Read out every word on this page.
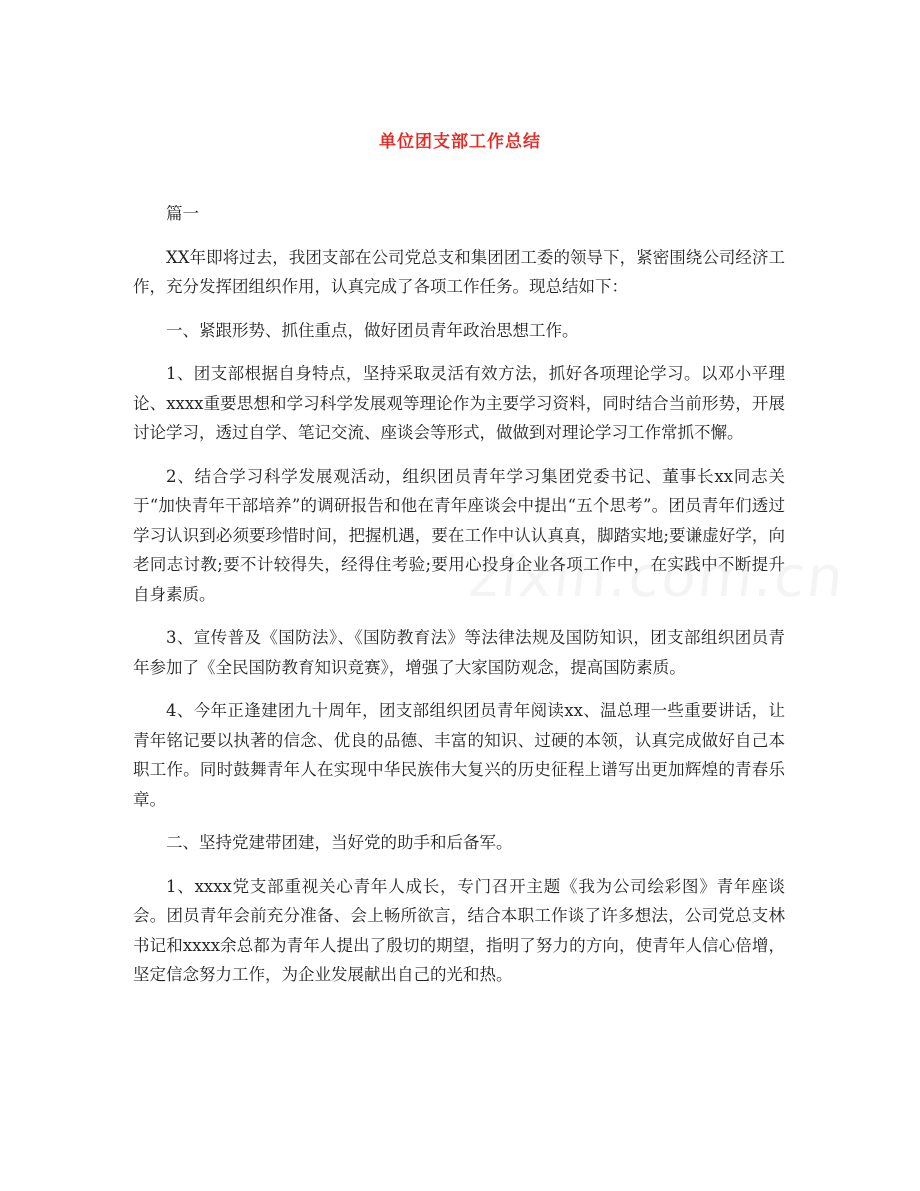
单位团支部工作总结

篇一

XX年即将过去，我团支部在公司党总支和集团团工委的领导下，紧密围绕公司经济工作，充分发挥团组织作用，认真完成了各项工作任务。现总结如下：

一、紧跟形势、抓住重点，做好团员青年政治思想工作。

1、团支部根据自身特点，坚持采取灵活有效方法，抓好各项理论学习。以邓小平理论、xxxx重要思想和学习科学发展观等理论作为主要学习资料，同时结合当前形势，开展讨论学习，透过自学、笔记交流、座谈会等形式，做做到对理论学习工作常抓不懈。

2、结合学习科学发展观活动，组织团员青年学习集团党委书记、董事长xx同志关于“加快青年干部培养”的调研报告和他在青年座谈会中提出“五个思考”。团员青年们透过学习认识到必须要珍惜时间，把握机遇，要在工作中认认真真，脚踏实地;要谦虚好学，向老同志讨教;要不计较得失，经得住考验;要用心投身企业各项工作中，在实践中不断提升自身素质。

3、宣传普及《国防法》、《国防教育法》等法律法规及国防知识，团支部组织团员青年参加了《全民国防教育知识竞赛》，增强了大家国防观念，提高国防素质。

4、今年正逢建团九十周年，团支部组织团员青年阅读xx、温总理一些重要讲话，让青年铭记要以执著的信念、优良的品德、丰富的知识、过硬的本领，认真完成做好自己本职工作。同时鼓舞青年人在实现中华民族伟大复兴的历史征程上谱写出更加辉煌的青春乐章。

二、坚持党建带团建，当好党的助手和后备军。

1、xxxx党支部重视关心青年人成长，专门召开主题《我为公司绘彩图》青年座谈会。团员青年会前充分准备、会上畅所欲言，结合本职工作谈了许多想法，公司党总支林书记和xxxx余总都为青年人提出了殷切的期望，指明了努力的方向，使青年人信心倍增，坚定信念努力工作，为企业发展献出自己的光和热。
